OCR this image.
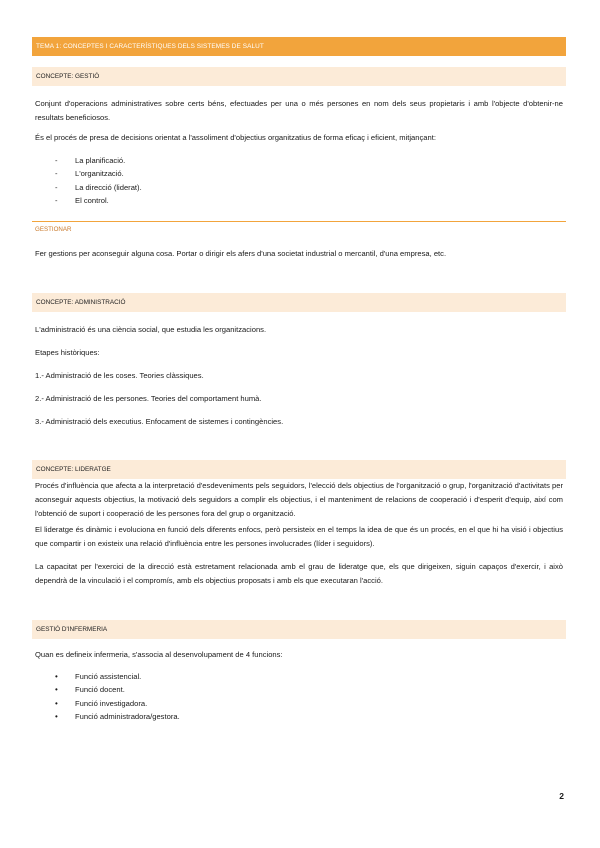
TEMA 1: CONCEPTES I CARACTERÍSTIQUES DELS SISTEMES DE SALUT
CONCEPTE: GESTIÓ
Conjunt d'operacions administratives sobre certs béns, efectuades per una o més persones en nom dels seus propietaris i amb l'objecte d'obtenir-ne resultats beneficiosos.
És el procés de presa de decisions orientat a l'assoliment d'objectius organitzatius de forma eficaç i eficient, mitjançant:
- La planificació.
- L'organització.
- La direcció (liderat).
- El control.
GESTIONAR
Fer gestions per aconseguir alguna cosa. Portar o dirigir els afers d'una societat industrial o mercantil, d'una empresa, etc.
CONCEPTE: ADMINISTRACIÓ
L'administració és una ciència social, que estudia les organitzacions.
Etapes històriques:
1.- Administració de les coses. Teories clàssiques.
2.- Administració de les persones. Teories del comportament humà.
3.- Administració dels executius. Enfocament de sistemes i contingències.
CONCEPTE: LIDERATGE
Procés d'influència que afecta a la interpretació d'esdeveniments pels seguidors, l'elecció dels objectius de l'organització o grup, l'organització d'activitats per aconseguir aquests objectius, la motivació dels seguidors a complir els objectius, i el manteniment de relacions de cooperació i d'esperit d'equip, així com l'obtenció de suport i cooperació de les persones fora del grup o organització.
El lideratge és dinàmic i evoluciona en funció dels diferents enfocs, però persisteix en el temps la idea de que és un procés, en el que hi ha visió i objectius que compartir i on existeix una relació d'influència entre les persones involucrades (líder i seguidors).
La capacitat per l'exercici de la direcció està estretament relacionada amb el grau de lideratge que, els que dirigeixen, siguin capaços d'exercir, i això dependrà de la vinculació i el compromís, amb els objectius proposats i amb els que executaran l'acció.
GESTIÓ D'INFERMERIA
Quan es defineix infermeria, s'associa al desenvolupament de 4 funcions:
• Funció assistencial.
• Funció docent.
• Funció investigadora.
• Funció administradora/gestora.
2
